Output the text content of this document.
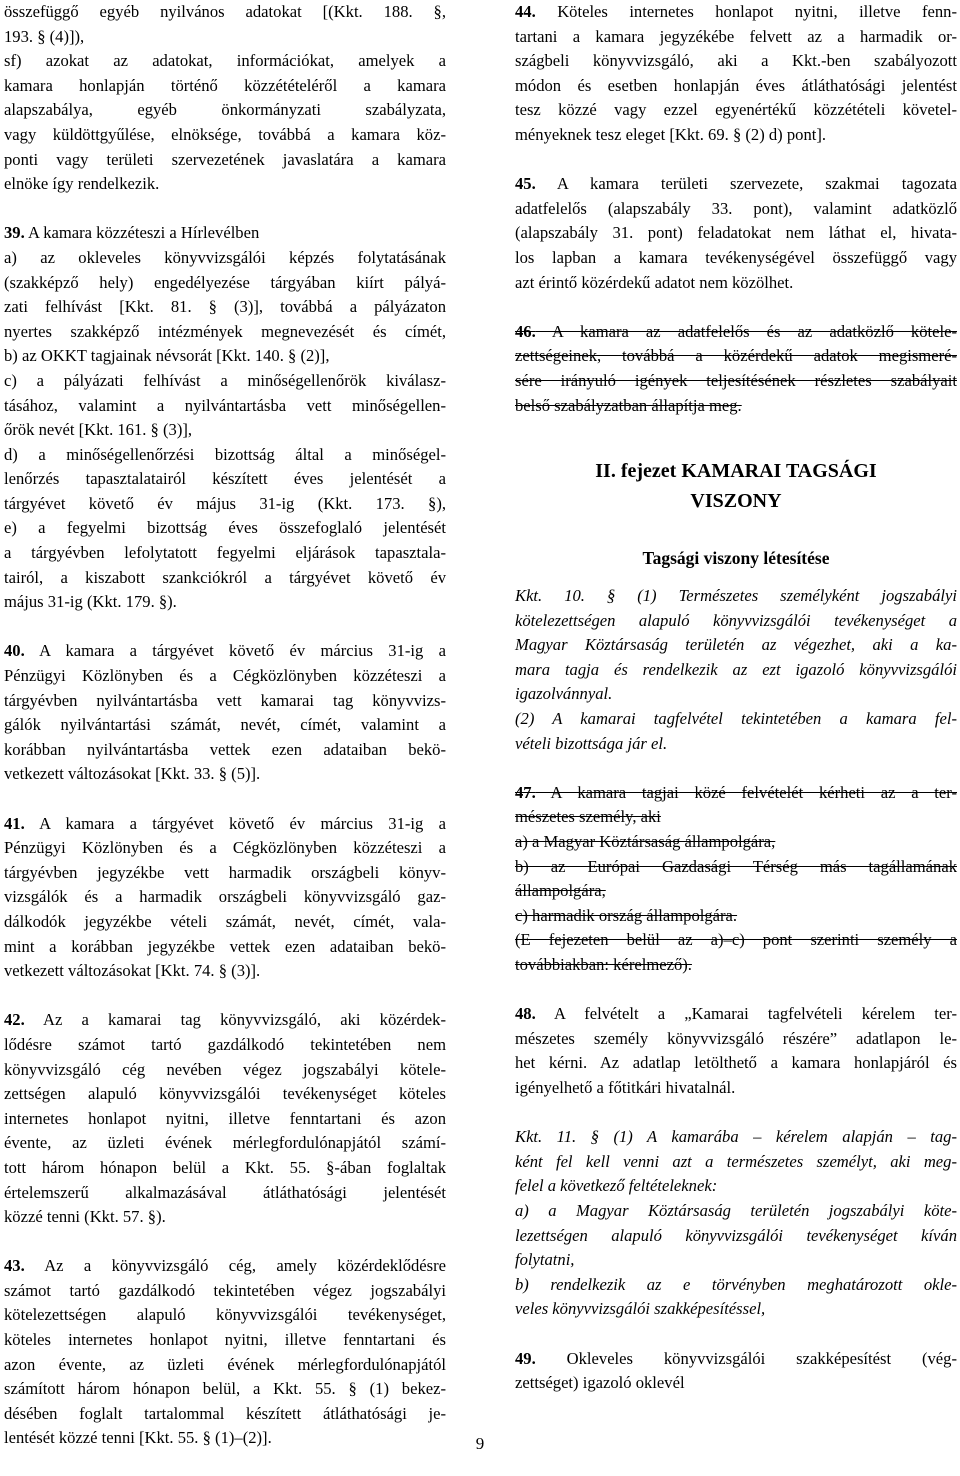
összefüggő egyéb nyilvános adatokat [(Kkt. 188. §,
193. § (4)]),
sf) azokat az adatokat, információkat, amelyek a
kamara honlapján történő közzétételéről a kamara
alapszabálya, egyéb önkormányzati szabályzata,
vagy küldöttgyűlése, elnöksége, továbbá a kamara köz-
ponti vagy területi szervezetének javaslatára a kamara
elnöke így rendelkezik.
39. A kamara közzéteszi a Hírlevélben
a) az okleveles könyvvizsgálói képzés folytatásának
(szakképző hely) engedélyezése tárgyában kiírt pályá-
zati felhívást [Kkt. 81. § (3)], továbbá a pályázaton
nyertes szakképző intézmények megnevezését és címét,
b) az OKKT tagjainak névsorát [Kkt. 140. § (2)],
c) a pályázati felhívást a minőségellenőrök kiválasz-
tásához, valamint a nyilvántartásba vett minőségellen-
őrök nevét [Kkt. 161. § (3)],
d) a minőségellenőrzési bizottság által a minőségel-
lenőrzés tapasztalatairól készített éves jelentését a
tárgyévet követő év május 31-ig (Kkt. 173. §),
e) a fegyelmi bizottság éves összefoglaló jelentését
a tárgyévben lefolytatott fegyelmi eljárások tapasztala-
tairól, a kiszabott szankciókról a tárgyévet követő év
május 31-ig (Kkt. 179. §).
40. A kamara a tárgyévet követő év március 31-ig a
Pénzügyi Közlönyben és a Cégközlönyben közzéteszi a
tárgyévben nyilvántartásba vett kamarai tag könyvvizs-
gálók nyilvántartási számát, nevét, címét, valamint a
korábban nyilvántartásba vettek ezen adataiban bekö-
vetkezett változásokat [Kkt. 33. § (5)].
41. A kamara a tárgyévet követő év március 31-ig a
Pénzügyi Közlönyben és a Cégközlönyben közzéteszi a
tárgyévben jegyzékbe vett harmadik országbeli könyv-
vizsgálók és a harmadik országbeli könyvvizsgáló gaz-
dálkodók jegyzékbe vételi számát, nevét, címét, vala-
mint a korábban jegyzékbe vettek ezen adataiban bekö-
vetkezett változásokat [Kkt. 74. § (3)].
42. Az a kamarai tag könyvvizsgáló, aki közérdek-
lődésre számot tartó gazdálkodó tekintetében nem
könyvvizsgáló cég nevében végez jogszabályi kötele-
zettségen alapuló könyvvizsgálói tevékenységet köteles
internetes honlapot nyitni, illetve fenntartani és azon
évente, az üzleti évének mérlegfordulónapjától számí-
tott három hónapon belül a Kkt. 55. §-ában foglaltak
értelemszerű alkalmazásával átláthatósági jelentését
közzé tenni (Kkt. 57. §).
43. Az a könyvvizsgáló cég, amely közérdeklődésre
számot tartó gazdálkodó tekintetében végez jogszabályi
kötelezettségen alapuló könyvvizsgálói tevékenységet,
köteles internetes honlapot nyitni, illetve fenntartani és
azon évente, az üzleti évének mérlegfordulónapjától
számított három hónapon belül, a Kkt. 55. § (1) bekez-
désében foglalt tartalommal készített átláthatósági je-
lentését közzé tenni [Kkt. 55. § (1)–(2)].
44. Köteles internetes honlapot nyitni, illetve fenn-
tartani a kamara jegyzékébe felvett az a harmadik or-
szágbeli könyvvizsgáló, aki a Kkt.-ben szabályozott
módon és esetben honlapján éves átláthatósági jelentést
tesz közzé vagy ezzel egyenértékű közzétételi követel-
ményeknek tesz eleget [Kkt. 69. § (2) d) pont].
45. A kamara területi szervezete, szakmai tagozata
adatfelelős (alapszabály 33. pont), valamint adatközlő
(alapszabály 31. pont) feladatokat nem láthat el, hivata-
los lapban a kamara tevékenységével összefüggő vagy
azt érintő közérdekű adatot nem közölhet.
46. A kamara az adatfelelős és az adatközlő kötele-
zettségeinek, továbbá a közérdekű adatok megismeré-
sére irányuló igények teljesítésének részletes szabályait
belső szabályzatban állapítja meg.
II. fejezet KAMARAI TAGSÁGI
VISZONY
Tagsági viszony létesítése
Kkt. 10. § (1) Természetes személyként jogszabályi
kötelezettségen alapuló könyvvizsgálói tevékenységet a
Magyar Köztársaság területén az végezhet, aki a ka-
mara tagja és rendelkezik az ezt igazoló könyvvizsgálói
igazolvánnyal.
(2) A kamarai tagfelvétel tekintetében a kamara fel-
vételi bizottsága jár el.
47. A kamara tagjai közé felvételét kérheti az a ter-
mészetes személy, aki
a) a Magyar Köztársaság állampolgára,
b) az Európai Gazdasági Térség más tagállamának
állampolgára,
c) harmadik ország állampolgára.
(E fejezeten belül az a)–c) pont szerinti személy a
továbbiakban: kérelmező).
48. A felvételt a „Kamarai tagfelvételi kérelem ter-
mészetes személy könyvvizsgáló részére” adatlapon le-
het kérni. Az adatlap letölthető a kamara honlapjáról és
igényelhető a főtitkári hivatalnál.
Kkt. 11. § (1) A kamarába – kérelem alapján – tag-
ként fel kell venni azt a természetes személyt, aki meg-
felel a következő feltételeknek:
a) a Magyar Köztársaság területén jogszabályi köte-
lezettségen alapuló könyvvizsgálói tevékenységet kíván
folytatni,
b) rendelkezik az e törvényben meghatározott okle-
veles könyvvizsgálói szakképesítéssel,
49. Okleveles könyvvizsgálói szakképesítést (vég-
zettséget) igazoló oklevél
9
